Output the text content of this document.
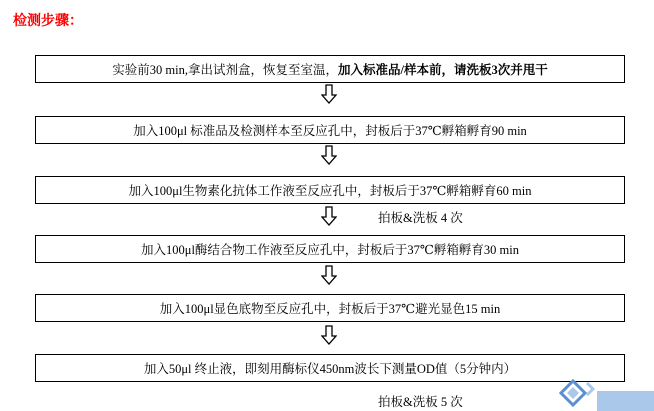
检测步骤：
实验前30 min,拿出试剂盒，恢复至室温， 加入标准品/样本前，请洗板3次并甩干
加入100μl 标准品及检测样本至反应孔中，封板后于37℃孵箱孵育90 min
加入100μl生物素化抗体工作液至反应孔中，封板后于37℃孵箱孵育60 min
拍板&洗板 4 次
加入100μl酶结合物工作液至反应孔中，封板后于37℃孵箱孵育30 min
加入100μl显色底物至反应孔中，封板后于37℃避光显色15 min
加入50μl 终止液，即刻用酶标仪450nm波长下测量OD值（5分钟内）
拍板&洗板 5 次
